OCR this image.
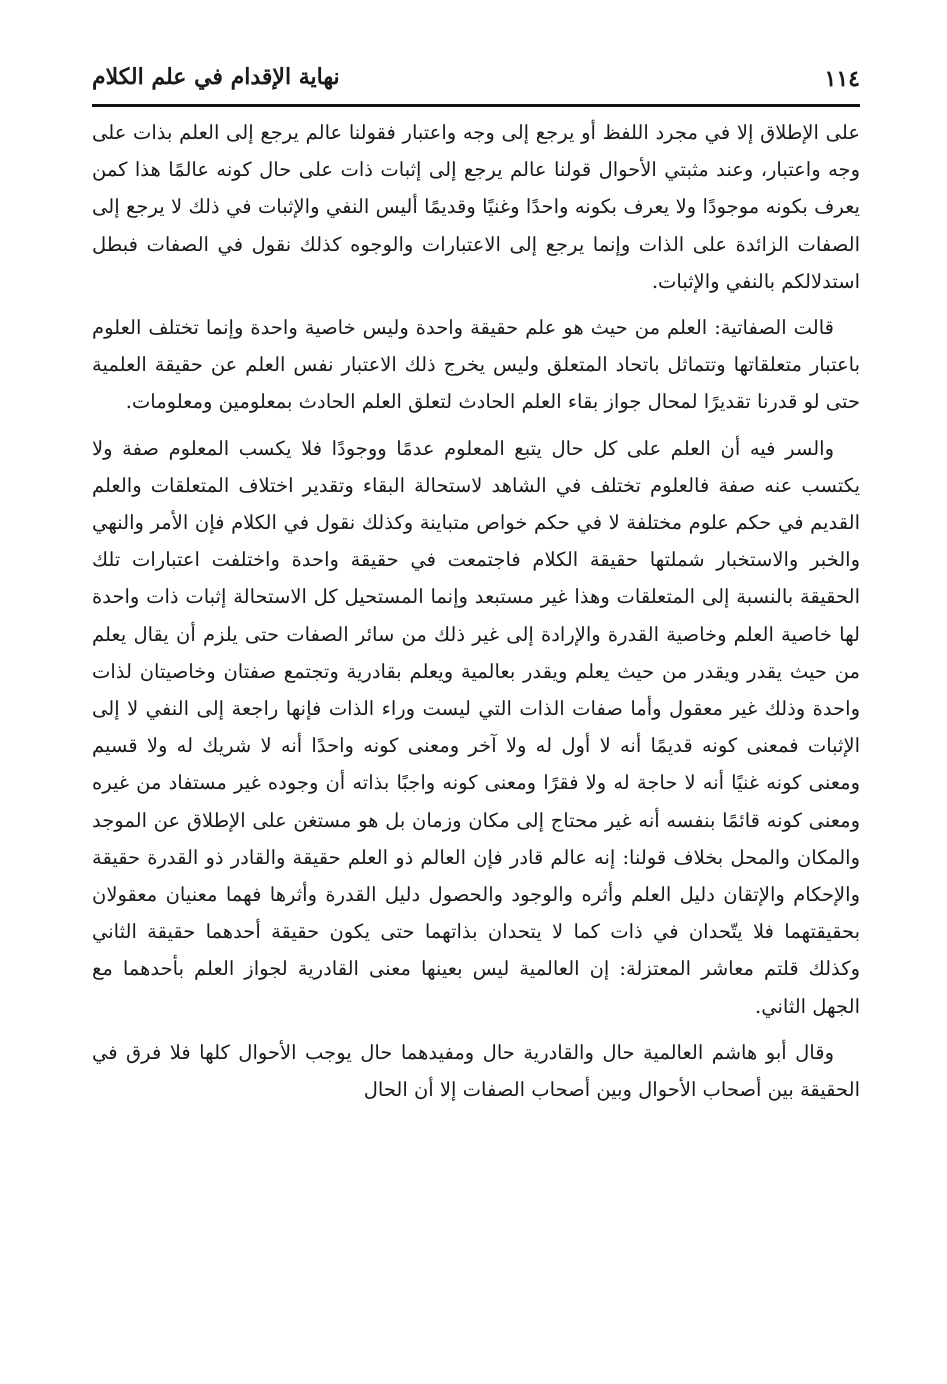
١١٤
نهاية الإقدام في علم الكلام

على الإطلاق إلا في مجرد اللفظ أو يرجع إلى وجه واعتبار فقولنا عالم يرجع إلى العلم بذات على وجه واعتبار، وعند مثبتي الأحوال قولنا عالم يرجع إلى إثبات ذات على حال كونه عالمًا هذا كمن يعرف بكونه موجودًا ولا يعرف بكونه واحدًا وغنيًا وقديمًا أليس النفي والإثبات في ذلك لا يرجع إلى الصفات الزائدة على الذات وإنما يرجع إلى الاعتبارات والوجوه كذلك نقول في الصفات فبطل استدلالكم بالنفي والإثبات.

قالت الصفاتية: العلم من حيث هو علم حقيقة واحدة وليس خاصية واحدة وإنما تختلف العلوم باعتبار متعلقاتها وتتماثل باتحاد المتعلق وليس يخرج ذلك الاعتبار نفس العلم عن حقيقة العلمية حتى لو قدرنا تقديرًا لمحال جواز بقاء العلم الحادث لتعلق العلم الحادث بمعلومين ومعلومات.

والسر فيه أن العلم على كل حال يتبع المعلوم عدمًا ووجودًا فلا يكسب المعلوم صفة ولا يكتسب عنه صفة فالعلوم تختلف في الشاهد لاستحالة البقاء وتقدير اختلاف المتعلقات والعلم القديم في حكم علوم مختلفة لا في حكم خواص متباينة وكذلك نقول في الكلام فإن الأمر والنهي والخبر والاستخبار شملتها حقيقة الكلام فاجتمعت في حقيقة واحدة واختلفت اعتبارات تلك الحقيقة بالنسبة إلى المتعلقات وهذا غير مستبعد وإنما المستحيل كل الاستحالة إثبات ذات واحدة لها خاصية العلم وخاصية القدرة والإرادة إلى غير ذلك من سائر الصفات حتى يلزم أن يقال يعلم من حيث يقدر ويقدر من حيث يعلم ويقدر بعالمية ويعلم بقادرية وتجتمع صفتان وخاصيتان لذات واحدة وذلك غير معقول وأما صفات الذات التي ليست وراء الذات فإنها راجعة إلى النفي لا إلى الإثبات فمعنى كونه قديمًا أنه لا أول له ولا آخر ومعنى كونه واحدًا أنه لا شريك له ولا قسيم ومعنى كونه غنيًا أنه لا حاجة له ولا فقرًا ومعنى كونه واجبًا بذاته أن وجوده غير مستفاد من غيره ومعنى كونه قائمًا بنفسه أنه غير محتاج إلى مكان وزمان بل هو مستغن على الإطلاق عن الموجد والمكان والمحل بخلاف قولنا: إنه عالم قادر فإن العالم ذو العلم حقيقة والقادر ذو القدرة حقيقة والإحكام والإتقان دليل العلم وأثره والوجود والحصول دليل القدرة وأثرها فهما معنيان معقولان بحقيقتهما فلا يتّحدان في ذات كما لا يتحدان بذاتهما حتى يكون حقيقة أحدهما حقيقة الثاني وكذلك قلتم معاشر المعتزلة: إن العالمية ليس بعينها معنى القادرية لجواز العلم بأحدهما مع الجهل الثاني.

وقال أبو هاشم العالمية حال والقادرية حال ومفيدهما حال يوجب الأحوال كلها فلا فرق في الحقيقة بين أصحاب الأحوال وبين أصحاب الصفات إلا أن الحال
